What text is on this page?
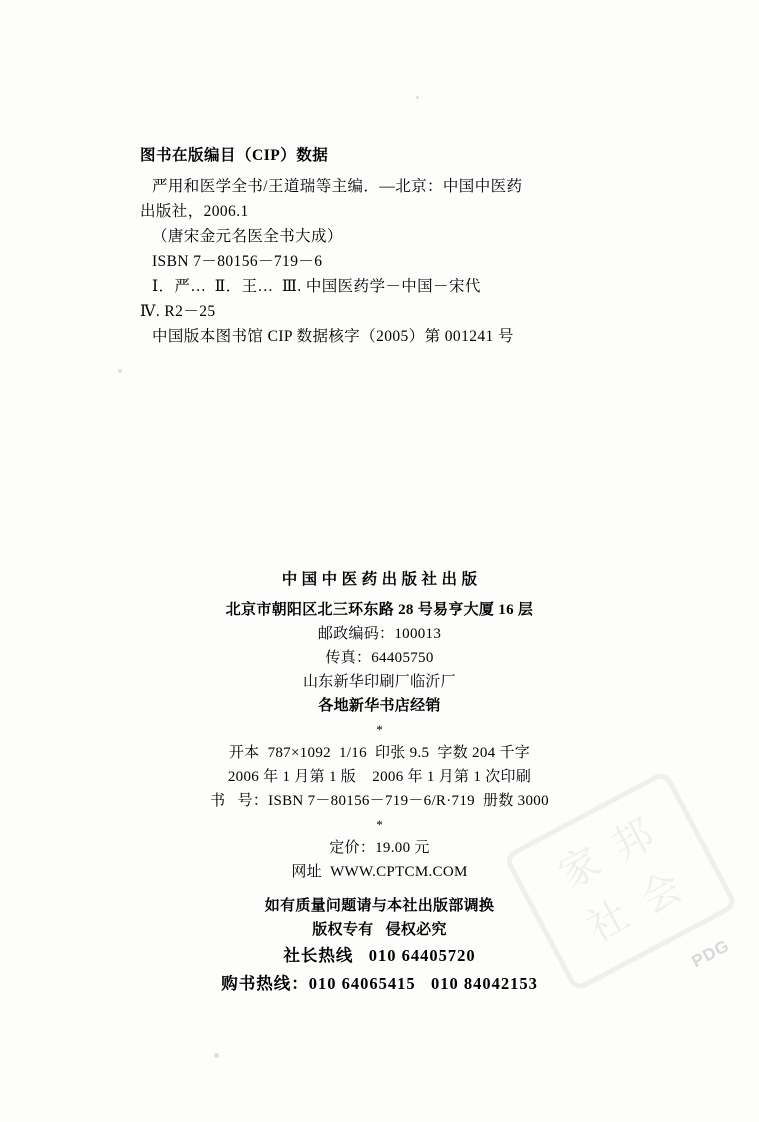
图书在版编目（CIP）数据
严用和医学全书/王道瑞等主编．—北京：中国中医药
出版社，2006.1
（唐宋金元名医全书大成）
ISBN 7－80156－719－6
Ⅰ．严…  Ⅱ．王…  Ⅲ. 中国医药学－中国－宋代
Ⅳ. R2－25
中国版本图书馆 CIP 数据核字（2005）第 001241 号
中 国 中 医 药 出 版 社 出 版
北京市朝阳区北三环东路 28 号易亨大厦 16 层
邮政编码：100013
传真：64405750
山东新华印刷厂临沂厂
各地新华书店经销
*
开本  787×1092  1/16  印张 9.5  字数 204 千字
2006 年 1 月第 1 版    2006 年 1 月第 1 次印刷
书   号：ISBN 7－80156－719－6/R·719  册数 3000
*
定价：19.00 元
网址  WWW.CPTCM.COM
如有质量问题请与本社出版部调换
版权专有   侵权必究
社长热线   010 64405720
购书热线：010 64065415   010 84042153
家
邦
社
会
PDG
